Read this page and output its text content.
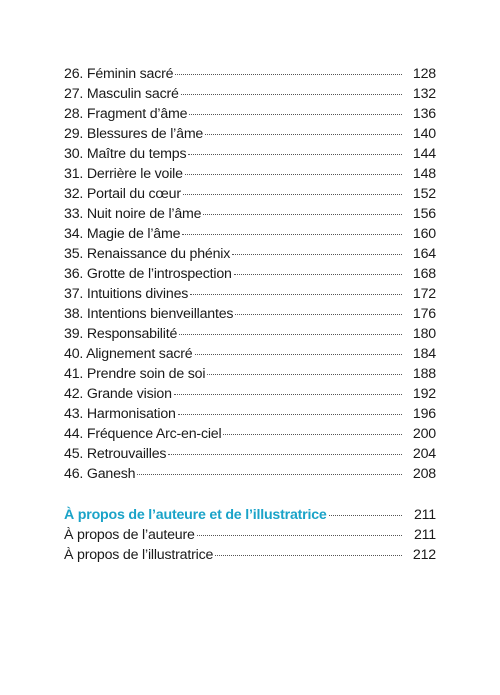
26. Féminin sacré	128
27. Masculin sacré	132
28. Fragment d’âme	136
29. Blessures de l’âme	140
30. Maître du temps	144
31. Derrière le voile	148
32. Portail du cœur	152
33. Nuit noire de l’âme	156
34. Magie de l’âme	160
35. Renaissance du phénix	164
36. Grotte de l’introspection	168
37. Intuitions divines	172
38. Intentions bienveillantes	176
39. Responsabilité	180
40. Alignement sacré	184
41. Prendre soin de soi	188
42. Grande vision	192
43. Harmonisation	196
44. Fréquence Arc-en-ciel	200
45. Retrouvailles	204
46. Ganesh	208
À propos de l’auteure et de l’illustratrice	211
À propos de l’auteure	211
À propos de l’illustratrice	212
